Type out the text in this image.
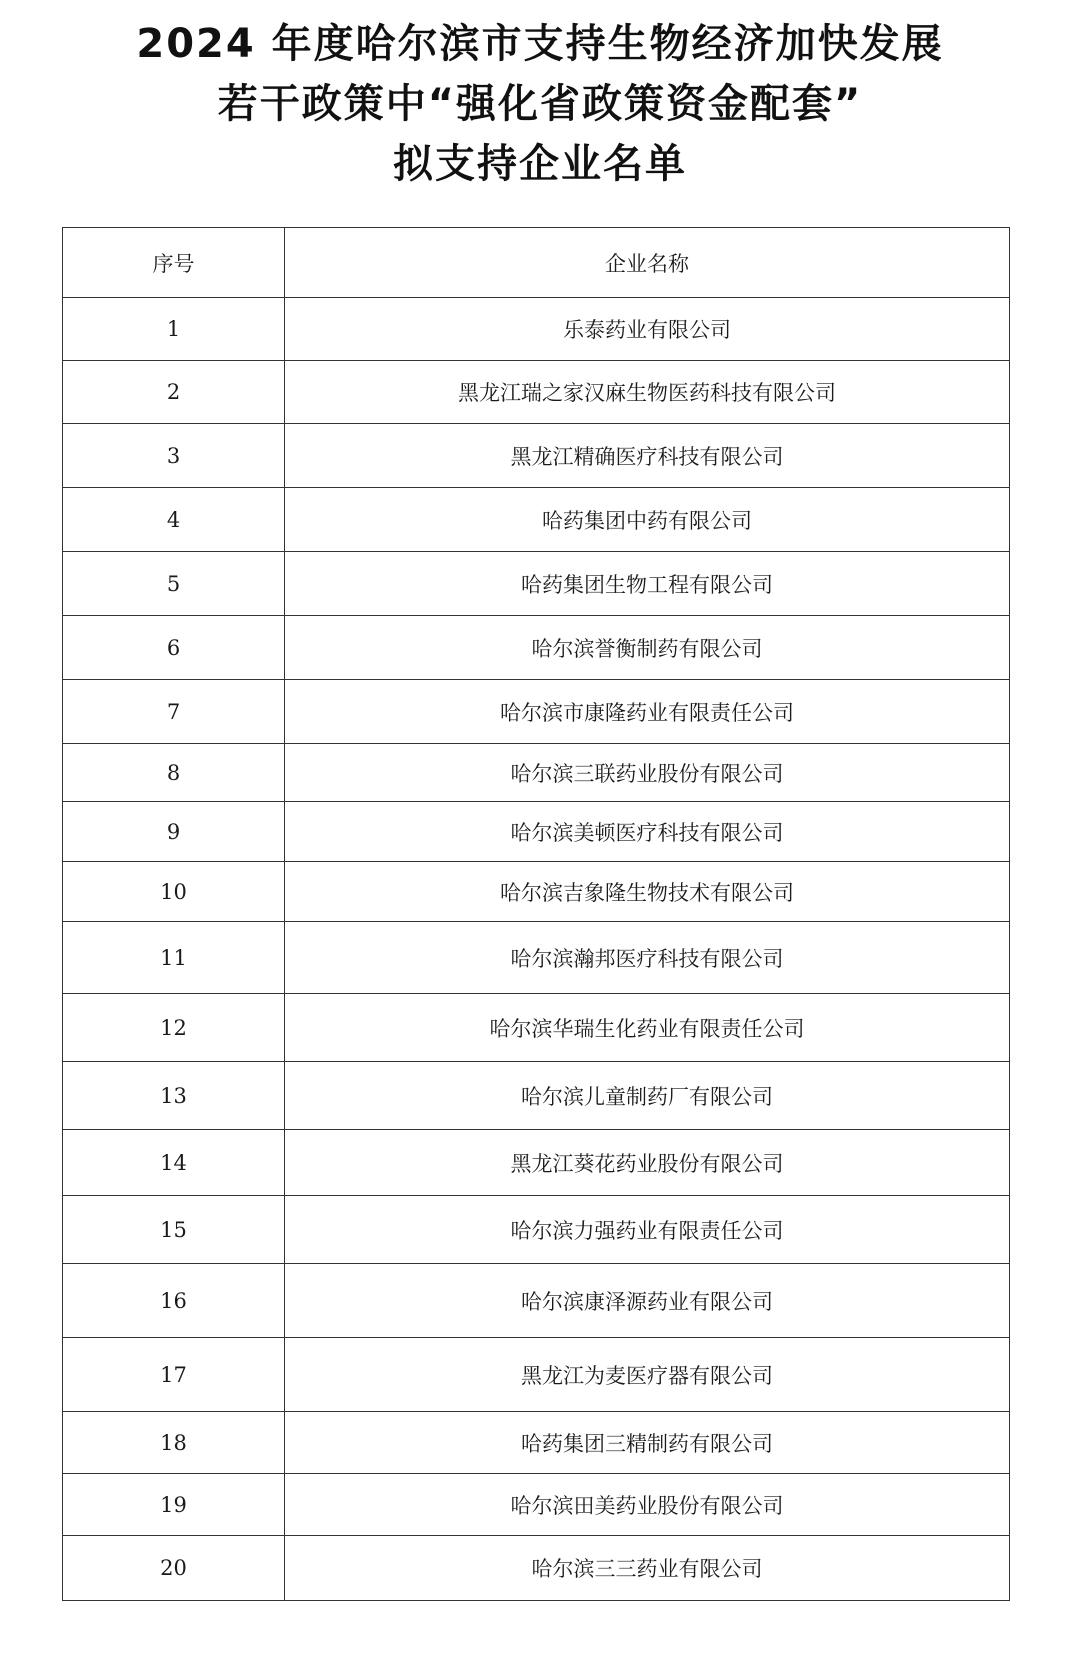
2024 年度哈尔滨市支持生物经济加快发展
若干政策中“强化省政策资金配套”
拟支持企业名单
序号	企业名称
1	乐泰药业有限公司
2	黑龙江瑞之家汉麻生物医药科技有限公司
3	黑龙江精确医疗科技有限公司
4	哈药集团中药有限公司
5	哈药集团生物工程有限公司
6	哈尔滨誉衡制药有限公司
7	哈尔滨市康隆药业有限责任公司
8	哈尔滨三联药业股份有限公司
9	哈尔滨美顿医疗科技有限公司
10	哈尔滨吉象隆生物技术有限公司
11	哈尔滨瀚邦医疗科技有限公司
12	哈尔滨华瑞生化药业有限责任公司
13	哈尔滨儿童制药厂有限公司
14	黑龙江葵花药业股份有限公司
15	哈尔滨力强药业有限责任公司
16	哈尔滨康泽源药业有限公司
17	黑龙江为麦医疗器有限公司
18	哈药集团三精制药有限公司
19	哈尔滨田美药业股份有限公司
20	哈尔滨三三药业有限公司
